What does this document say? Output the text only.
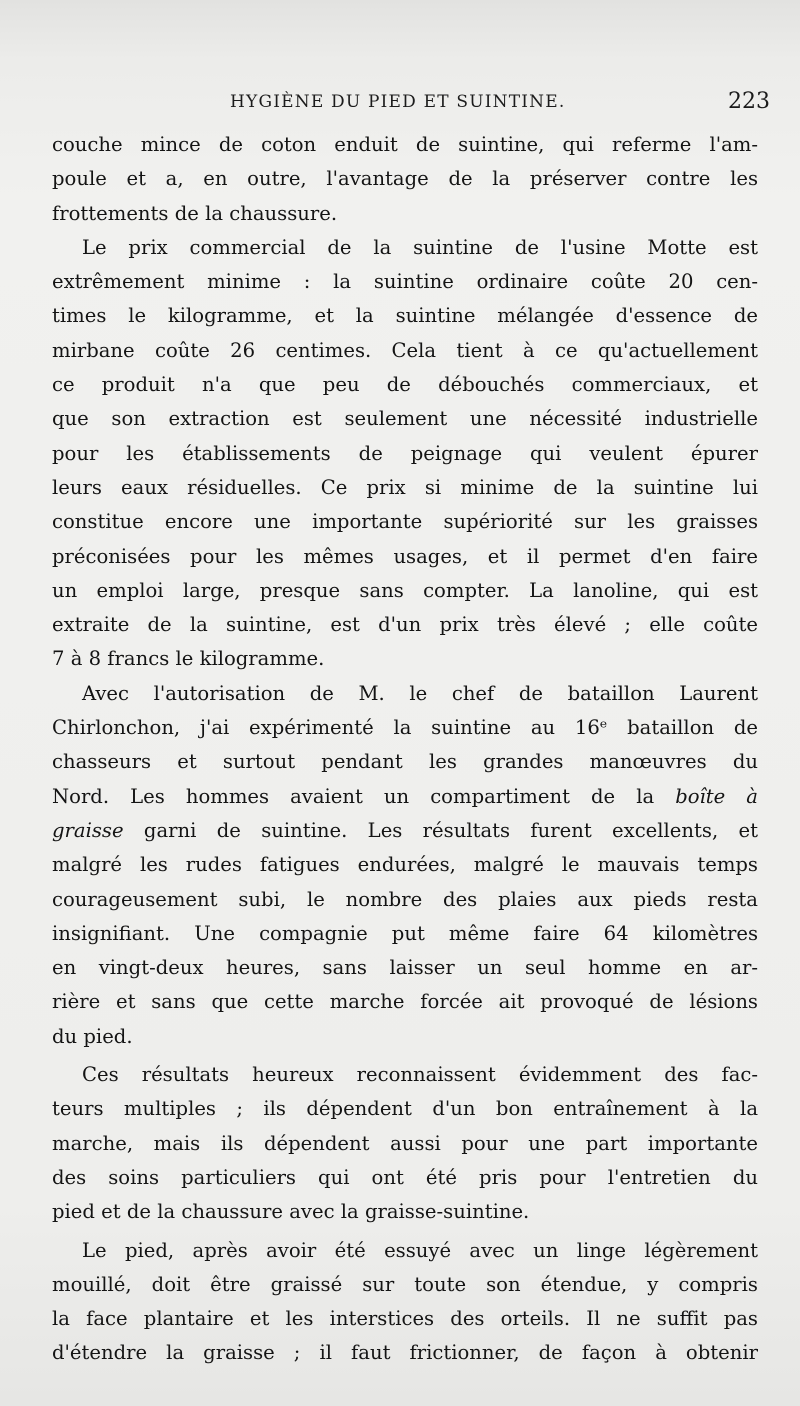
HYGIÈNE DU PIED ET SUINTINE.	223
couche mince de coton enduit de suintine, qui referme l'am-
poule et a, en outre, l'avantage de la préserver contre les
frottements de la chaussure.
Le prix commercial de la suintine de l'usine Motte est
extrêmement minime : la suintine ordinaire coûte 20 cen-
times le kilogramme, et la suintine mélangée d'essence de
mirbane coûte 26 centimes. Cela tient à ce qu'actuellement
ce produit n'a que peu de débouchés commerciaux, et
que son extraction est seulement une nécessité industrielle
pour les établissements de peignage qui veulent épurer
leurs eaux résiduelles. Ce prix si minime de la suintine lui
constitue encore une importante supériorité sur les graisses
préconisées pour les mêmes usages, et il permet d'en faire
un emploi large, presque sans compter. La lanoline, qui est
extraite de la suintine, est d'un prix très élevé ; elle coûte
7 à 8 francs le kilogramme.
Avec l'autorisation de M. le chef de bataillon Laurent
Chirlonchon, j'ai expérimenté la suintine au 16ᵉ bataillon de
chasseurs et surtout pendant les grandes manœuvres du
Nord. Les hommes avaient un compartiment de la boîte à
graisse garni de suintine. Les résultats furent excellents, et
malgré les rudes fatigues endurées, malgré le mauvais temps
courageusement subi, le nombre des plaies aux pieds resta
insignifiant. Une compagnie put même faire 64 kilomètres
en vingt-deux heures, sans laisser un seul homme en ar-
rière et sans que cette marche forcée ait provoqué de lésions
du pied.
Ces résultats heureux reconnaissent évidemment des fac-
teurs multiples ; ils dépendent d'un bon entraînement à la
marche, mais ils dépendent aussi pour une part importante
des soins particuliers qui ont été pris pour l'entretien du
pied et de la chaussure avec la graisse-suintine.
Le pied, après avoir été essuyé avec un linge légèrement
mouillé, doit être graissé sur toute son étendue, y compris
la face plantaire et les interstices des orteils. Il ne suffit pas
d'étendre la graisse ; il faut frictionner, de façon à obtenir
